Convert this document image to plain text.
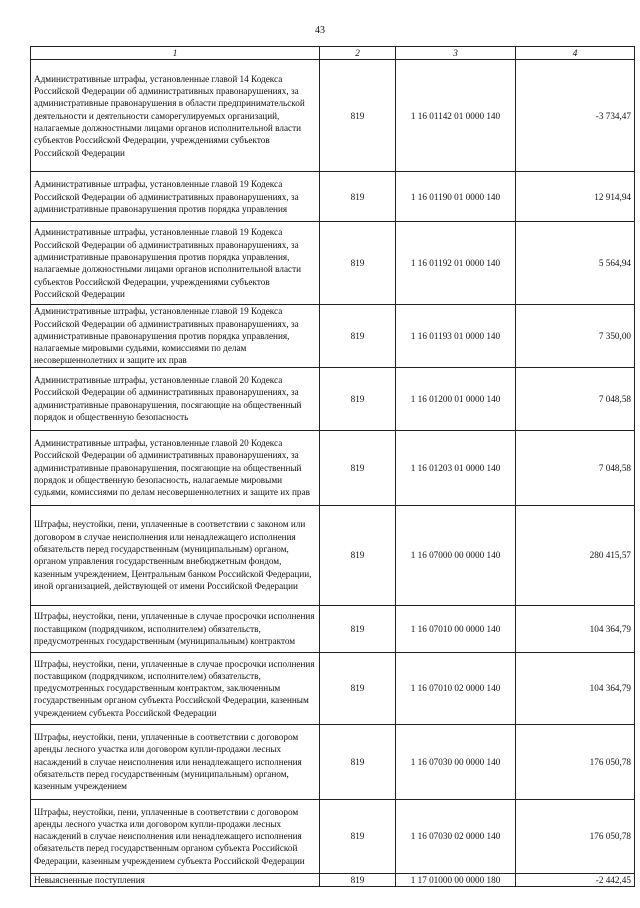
43
1	2	3	4
Административные штрафы, установленные главой 14 Кодекса Российской Федерации об административных правонарушениях, за административные правонарушения в области предпринимательской деятельности и деятельности саморегулируемых организаций, налагаемые должностными лицами органов исполнительной власти субъектов Российской Федерации, учреждениями субъектов Российской Федерации	819	1 16 01142 01 0000 140	-3 734,47
Административные штрафы, установленные главой 19 Кодекса Российской Федерации об административных правонарушениях, за административные правонарушения против порядка управления	819	1 16 01190 01 0000 140	12 914,94
Административные штрафы, установленные главой 19 Кодекса Российской Федерации об административных правонарушениях, за административные правонарушения против порядка управления, налагаемые должностными лицами органов исполнительной власти субъектов Российской Федерации, учреждениями субъектов Российской Федерации	819	1 16 01192 01 0000 140	5 564,94
Административные штрафы, установленные главой 19 Кодекса Российской Федерации об административных правонарушениях, за административные правонарушения против порядка управления, налагаемые мировыми судьями, комиссиями по делам несовершеннолетних и защите их прав	819	1 16 01193 01 0000 140	7 350,00
Административные штрафы, установленные главой 20 Кодекса Российской Федерации об административных правонарушениях, за административные правонарушения, посягающие на общественный порядок и общественную безопасность	819	1 16 01200 01 0000 140	7 048,58
Административные штрафы, установленные главой 20 Кодекса Российской Федерации об административных правонарушениях, за административные правонарушения, посягающие на общественный порядок и общественную безопасность, налагаемые мировыми судьями, комиссиями по делам несовершеннолетних и защите их прав	819	1 16 01203 01 0000 140	7 048,58
Штрафы, неустойки, пени, уплаченные в соответствии с законом или договором в случае неисполнения или ненадлежащего исполнения обязательств перед государственным (муниципальным) органом, органом управления государственным внебюджетным фондом, казенным учреждением, Центральным банком Российской Федерации, иной организацией, действующей от имени Российской Федерации	819	1 16 07000 00 0000 140	280 415,57
Штрафы, неустойки, пени, уплаченные в случае просрочки исполнения поставщиком (подрядчиком, исполнителем) обязательств, предусмотренных государственным (муниципальным) контрактом	819	1 16 07010 00 0000 140	104 364,79
Штрафы, неустойки, пени, уплаченные в случае просрочки исполнения поставщиком (подрядчиком, исполнителем) обязательств, предусмотренных государственным контрактом, заключенным государственным органом субъекта Российской Федерации, казенным учреждением субъекта Российской Федерации	819	1 16 07010 02 0000 140	104 364,79
Штрафы, неустойки, пени, уплаченные в соответствии с договором аренды лесного участка или договором купли-продажи лесных насаждений в случае неисполнения или ненадлежащего исполнения обязательств перед государственным (муниципальным) органом, казенным учреждением	819	1 16 07030 00 0000 140	176 050,78
Штрафы, неустойки, пени, уплаченные в соответствии с договором аренды лесного участка или договором купли-продажи лесных насаждений в случае неисполнения или ненадлежащего исполнения обязательств перед государственным органом субъекта Российской Федерации, казенным учреждением субъекта Российской Федерации	819	1 16 07030 02 0000 140	176 050,78
Невыясненные поступления	819	1 17 01000 00 0000 180	-2 442,45
